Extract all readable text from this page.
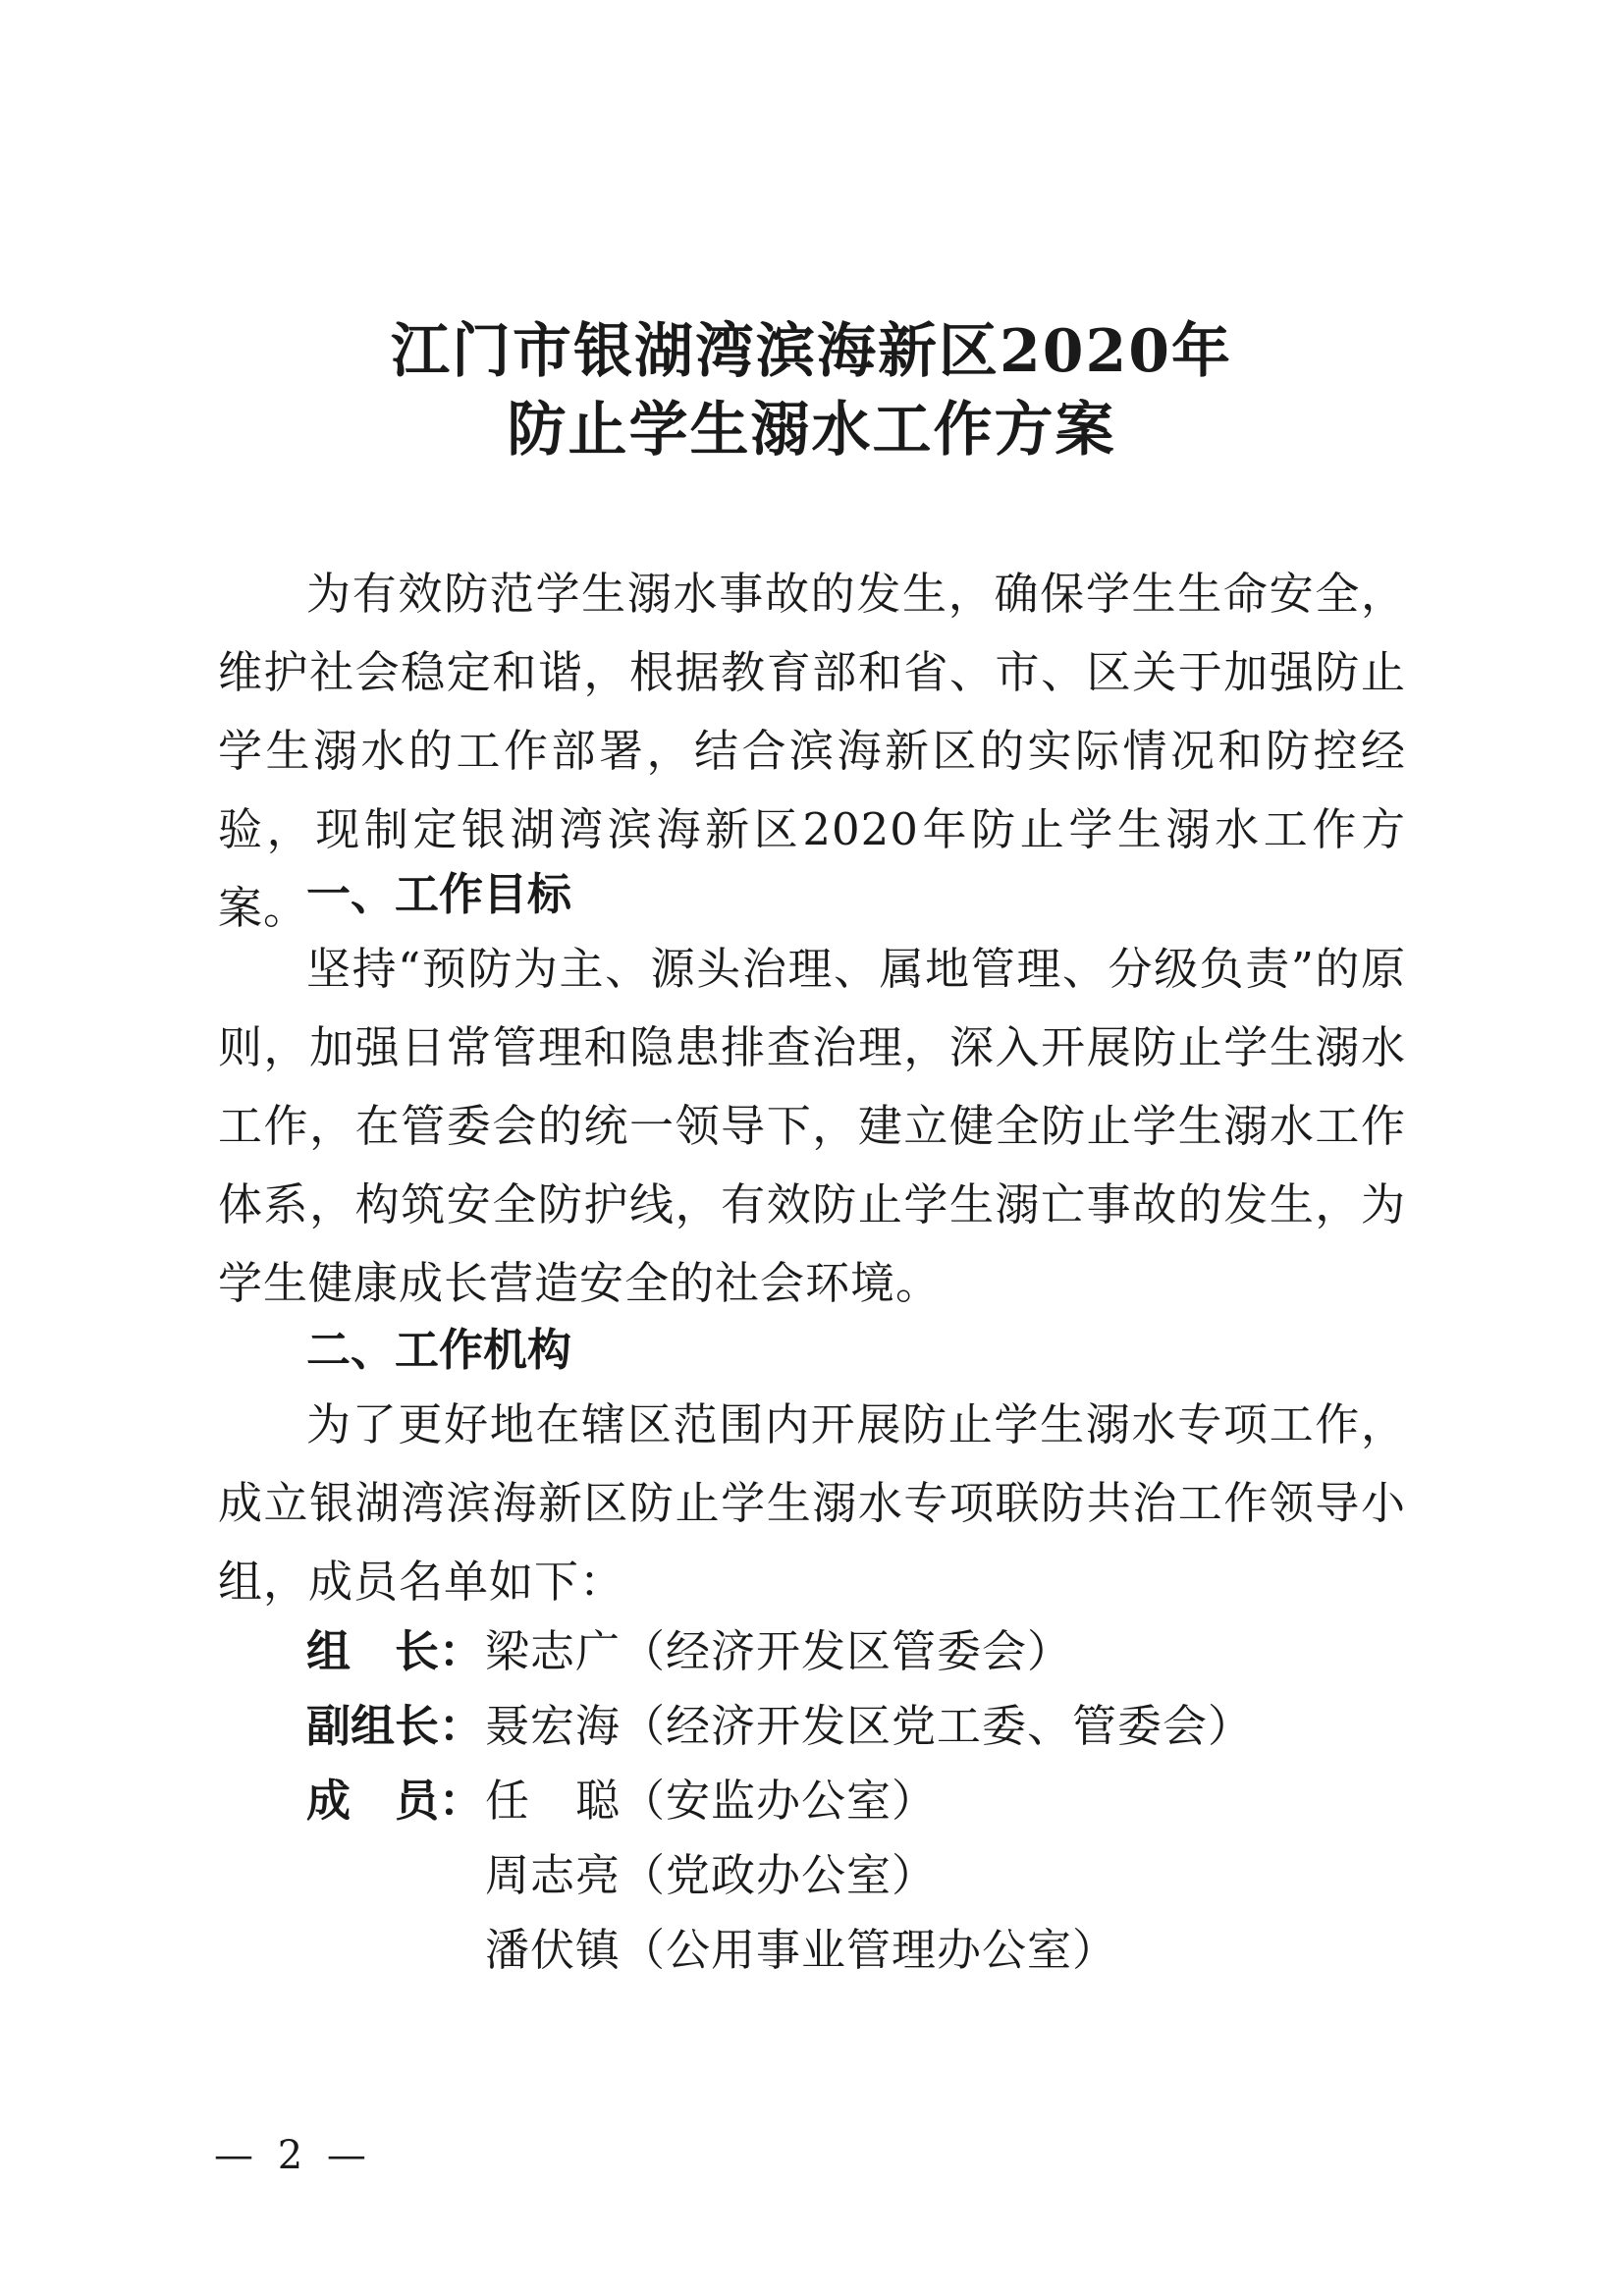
江门市银湖湾滨海新区2020年
防止学生溺水工作方案

为有效防范学生溺水事故的发生，确保学生生命安全，维护社会稳定和谐，根据教育部和省、市、区关于加强防止学生溺水的工作部署，结合滨海新区的实际情况和防控经验，现制定银湖湾滨海新区2020年防止学生溺水工作方案。

一、工作目标

坚持“预防为主、源头治理、属地管理、分级负责”的原则，加强日常管理和隐患排查治理，深入开展防止学生溺水工作，在管委会的统一领导下，建立健全防止学生溺水工作体系，构筑安全防护线，有效防止学生溺亡事故的发生，为学生健康成长营造安全的社会环境。

二、工作机构

为了更好地在辖区范围内开展防止学生溺水专项工作，成立银湖湾滨海新区防止学生溺水专项联防共治工作领导小组，成员名单如下：

组　长：梁志广（经济开发区管委会）
副组长：聂宏海（经济开发区党工委、管委会）
成　员：任　聪（安监办公室）
周志亮（党政办公室）
潘伏镇（公用事业管理办公室）
— 2 —
